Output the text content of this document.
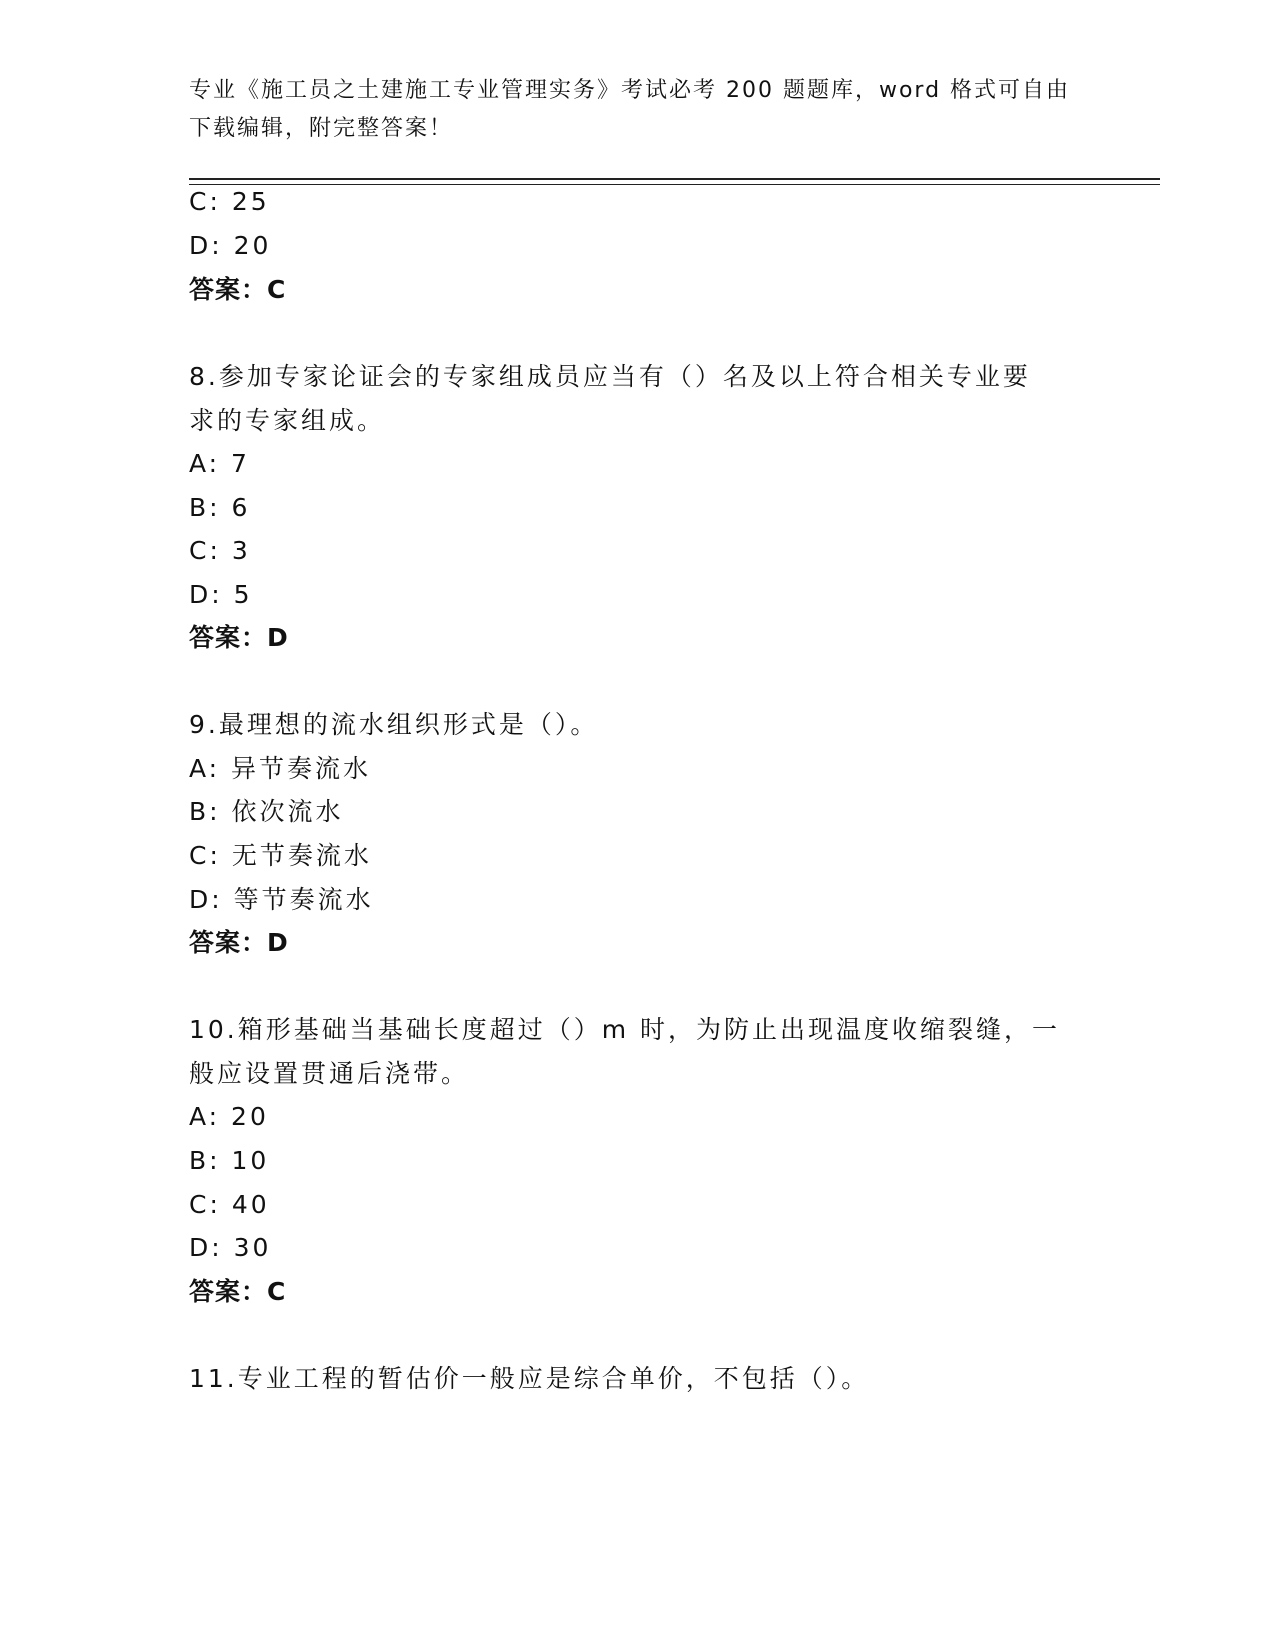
专业《施工员之土建施工专业管理实务》考试必考 200 题题库，word 格式可自由
下载编辑，附完整答案！
C: 25
D: 20
答案：C
8.参加专家论证会的专家组成员应当有（）名及以上符合相关专业要
求的专家组成。
A: 7
B: 6
C: 3
D: 5
答案：D
9.最理想的流水组织形式是（）。
A: 异节奏流水
B: 依次流水
C: 无节奏流水
D: 等节奏流水
答案：D
10.箱形基础当基础长度超过（）m 时，为防止出现温度收缩裂缝，一
般应设置贯通后浇带。
A: 20
B: 10
C: 40
D: 30
答案：C
11.专业工程的暂估价一般应是综合单价，不包括（）。
